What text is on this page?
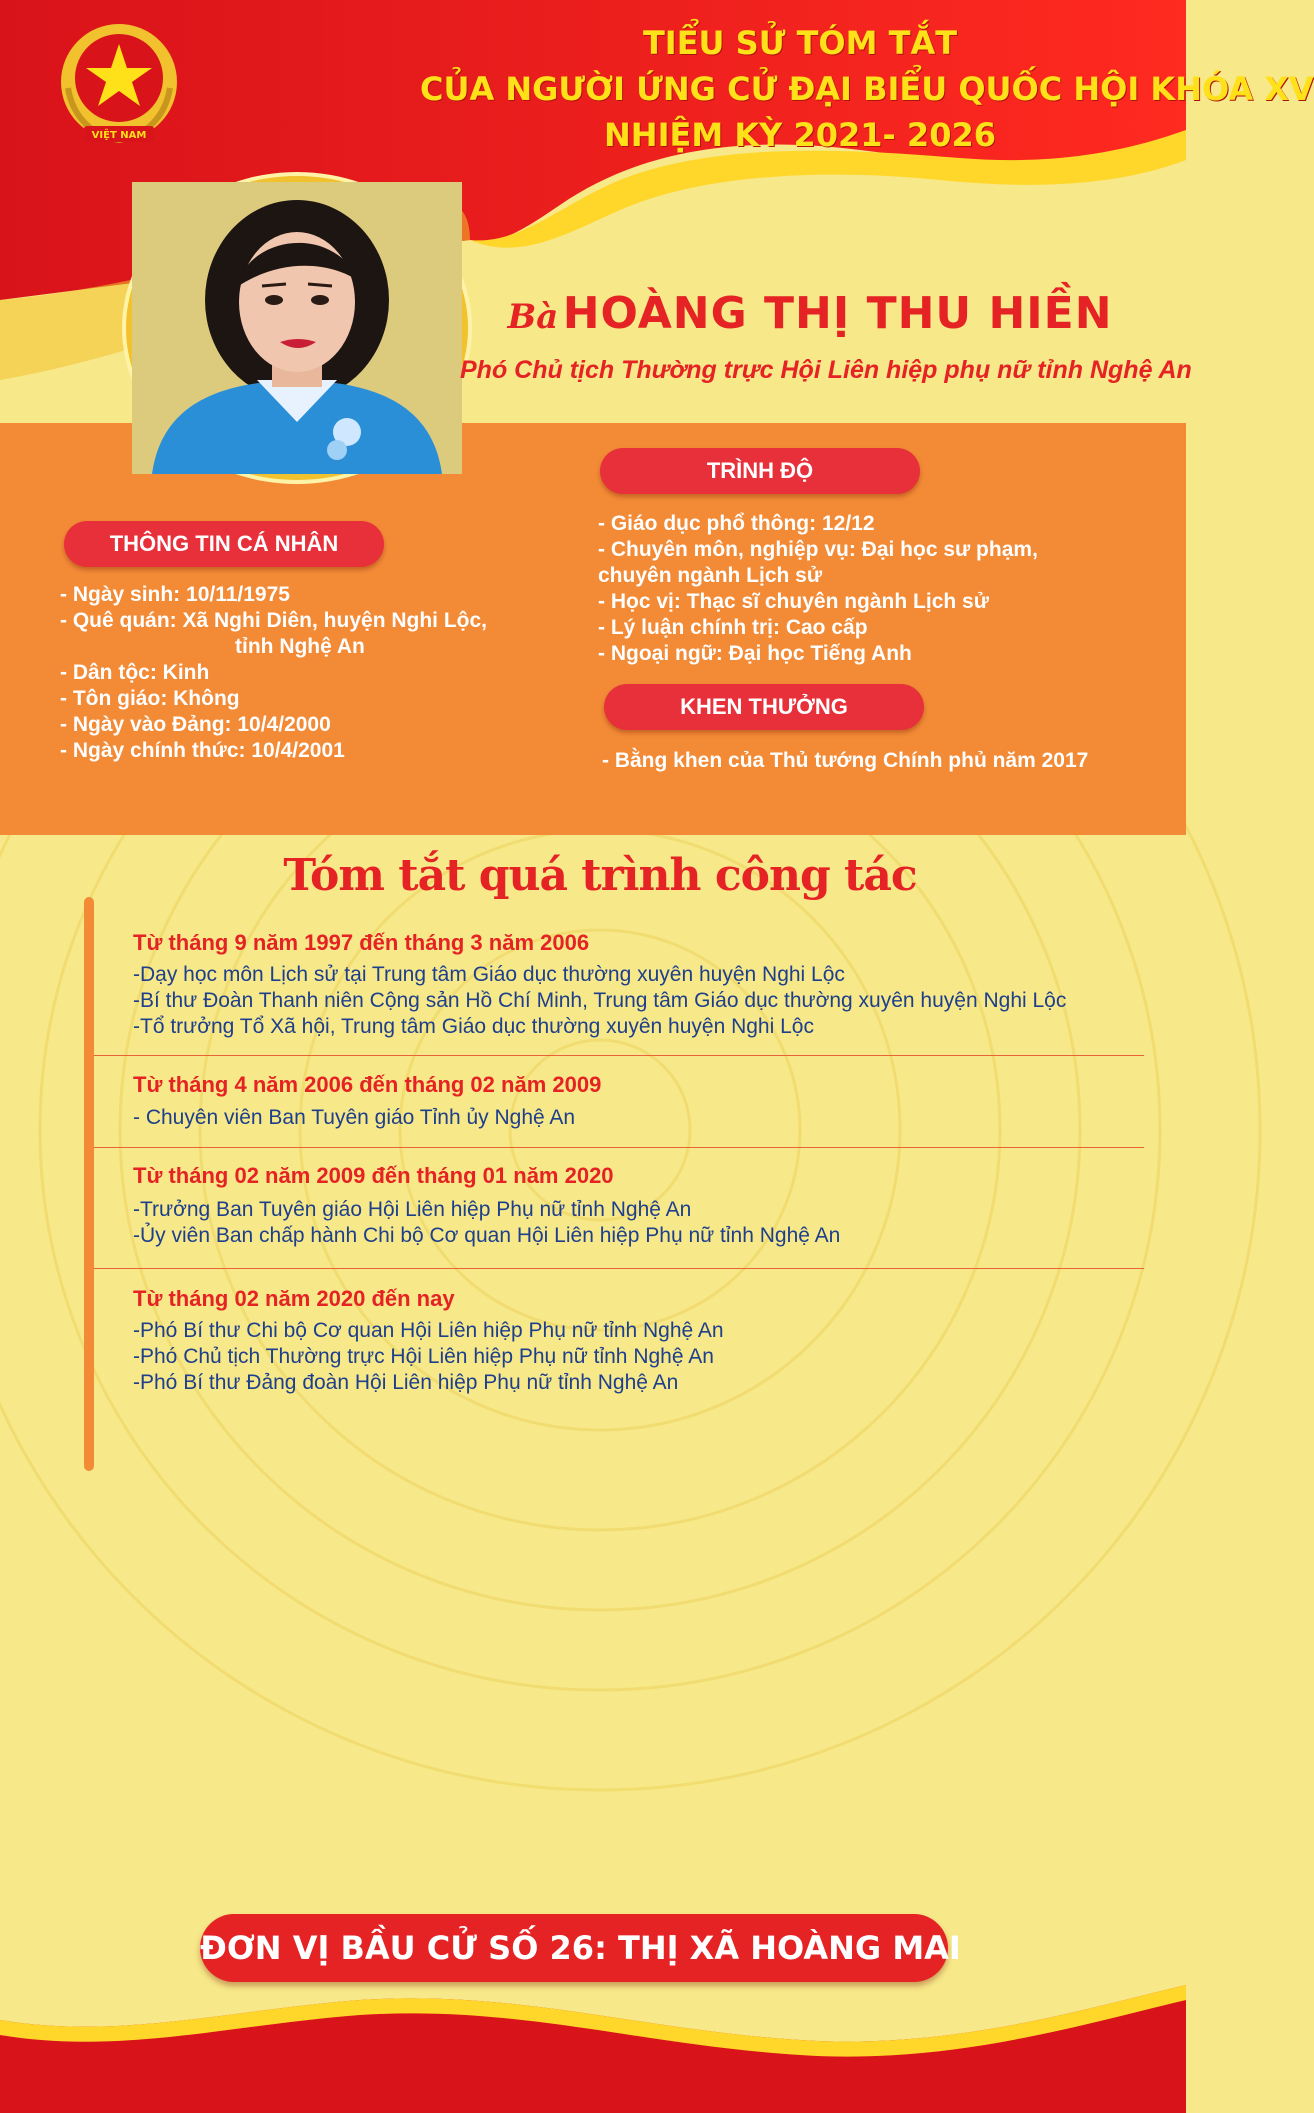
VIỆT NAM
TIỂU SỬ TÓM TẮT
CỦA NGƯỜI ỨNG CỬ ĐẠI BIỂU QUỐC HỘI KHÓA XV
NHIỆM KỲ 2021- 2026
Bà HOÀNG THỊ THU HIỀN
Phó Chủ tịch Thường trực Hội Liên hiệp phụ nữ tỉnh Nghệ An
TRÌNH ĐỘ
- Giáo dục phổ thông: 12/12
- Chuyên môn, nghiệp vụ: Đại học sư phạm,
chuyên ngành Lịch sử
- Học vị: Thạc sĩ chuyên ngành Lịch sử
- Lý luận chính trị: Cao cấp
- Ngoại ngữ: Đại học Tiếng Anh
THÔNG TIN CÁ NHÂN
- Ngày sinh: 10/11/1975
- Quê quán: Xã Nghi Diên, huyện Nghi Lộc,
tỉnh Nghệ An
- Dân tộc: Kinh
- Tôn giáo: Không
- Ngày vào Đảng: 10/4/2000
- Ngày chính thức: 10/4/2001
KHEN THƯỞNG
- Bằng khen của Thủ tướng Chính phủ năm 2017
Tóm tắt quá trình công tác
Từ tháng 9 năm 1997 đến tháng 3 năm 2006
-Dạy học môn Lịch sử tại Trung tâm Giáo dục thường xuyên huyện Nghi Lộc
-Bí thư Đoàn Thanh niên Cộng sản Hồ Chí Minh, Trung tâm Giáo dục thường xuyên huyện Nghi Lộc
-Tổ trưởng Tổ Xã hội, Trung tâm Giáo dục thường xuyên huyện Nghi Lộc
Từ tháng 4 năm 2006 đến tháng 02 năm 2009
- Chuyên viên Ban Tuyên giáo Tỉnh ủy Nghệ An
Từ tháng 02 năm 2009 đến tháng 01 năm 2020
-Trưởng Ban Tuyên giáo Hội Liên hiệp Phụ nữ tỉnh Nghệ An
-Ủy viên Ban chấp hành Chi bộ Cơ quan Hội Liên hiệp Phụ nữ tỉnh Nghệ An
Từ tháng 02 năm 2020 đến nay
-Phó Bí thư Chi bộ Cơ quan Hội Liên hiệp Phụ nữ tỉnh Nghệ An
-Phó Chủ tịch Thường trực Hội Liên hiệp Phụ nữ tỉnh Nghệ An
-Phó Bí thư Đảng đoàn Hội Liên hiệp Phụ nữ tỉnh Nghệ An
ĐƠN VỊ BẦU CỬ SỐ 26: THỊ XÃ HOÀNG MAI
